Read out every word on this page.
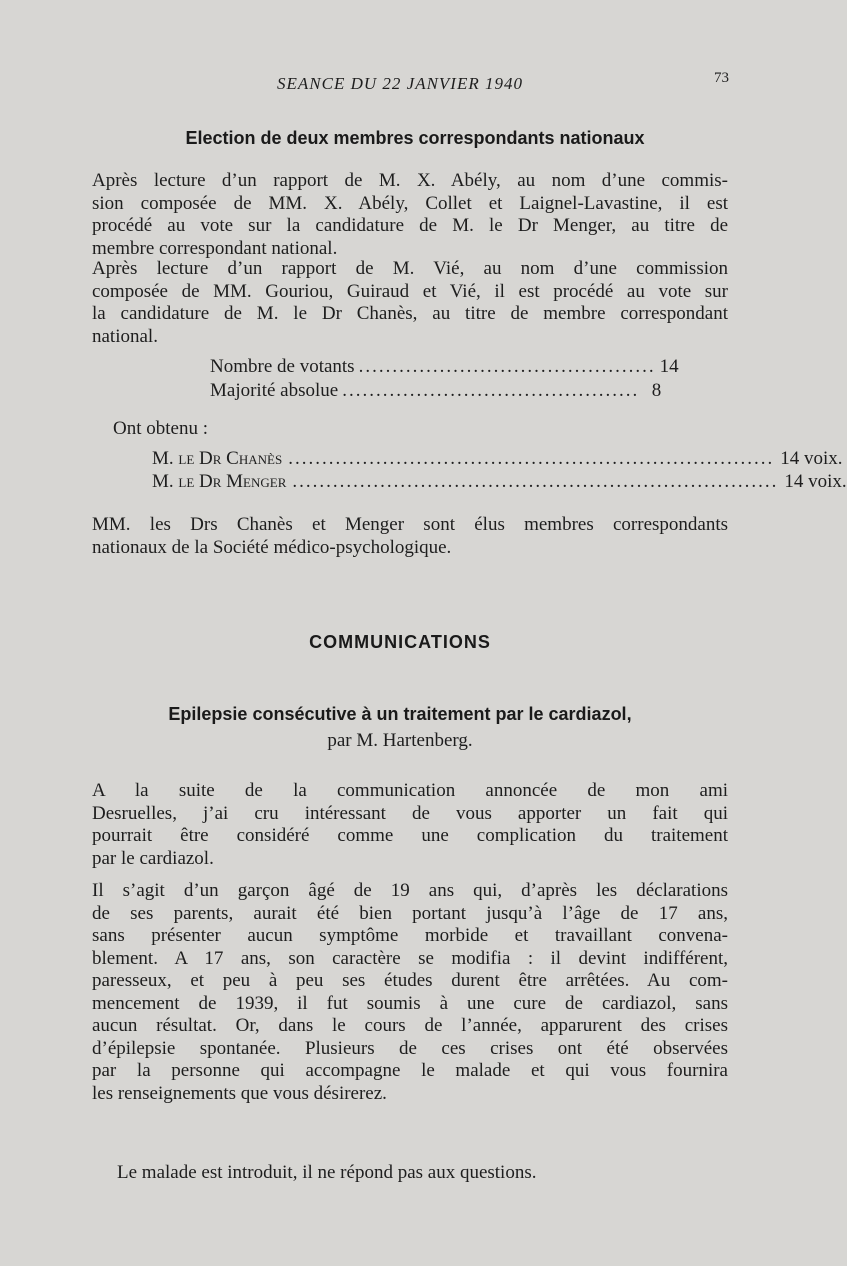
SEANCE DU 22 JANVIER 1940	73
Election de deux membres correspondants nationaux
Après lecture d’un rapport de M. X. Abély, au nom d’une commis-
sion composée de MM. X. Abély, Collet et Laignel-Lavastine, il est
procédé au vote sur la candidature de M. le Dr Menger, au titre de
membre correspondant national.
Après lecture d’un rapport de M. Vié, au nom d’une commission
composée de MM. Gouriou, Guiraud et Vié, il est procédé au vote sur
la candidature de M. le Dr Chanès, au titre de membre correspondant
national.
Nombre de votants ............................................ 14
Majorité absolue ............................................ 8
Ont obtenu :
M. le Dr Chanès ........................................................................ 14 voix.
M. le Dr Menger ........................................................................ 14 voix.
MM. les Drs Chanès et Menger sont élus membres correspondants
nationaux de la Société médico-psychologique.
COMMUNICATIONS
Epilepsie consécutive à un traitement par le cardiazol,
par M. Hartenberg.
A la suite de la communication annoncée de mon ami
Desruelles, j’ai cru intéressant de vous apporter un fait qui
pourrait être considéré comme une complication du traitement
par le cardiazol.
Il s’agit d’un garçon âgé de 19 ans qui, d’après les déclarations
de ses parents, aurait été bien portant jusqu’à l’âge de 17 ans,
sans présenter aucun symptôme morbide et travaillant convena-
blement. A 17 ans, son caractère se modifia : il devint indifférent,
paresseux, et peu à peu ses études durent être arrêtées. Au com-
mencement de 1939, il fut soumis à une cure de cardiazol, sans
aucun résultat. Or, dans le cours de l’année, apparurent des crises
d’épilepsie spontanée. Plusieurs de ces crises ont été observées
par la personne qui accompagne le malade et qui vous fournira
les renseignements que vous désirerez.
Le malade est introduit, il ne répond pas aux questions.
